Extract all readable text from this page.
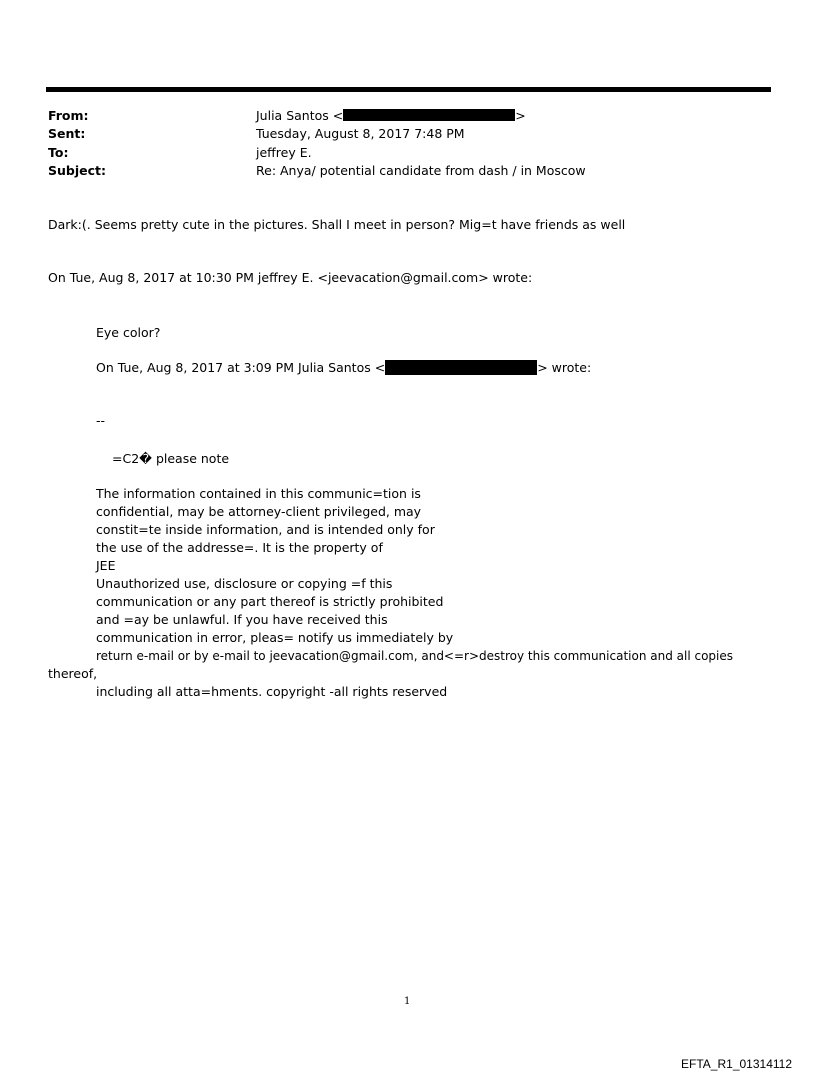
From:	Julia Santos <	>
Sent:	Tuesday, August 8, 2017 7:48 PM
To:	jeffrey E.
Subject:	Re: Anya/ potential candidate from dash / in Moscow
Dark:(. Seems pretty cute in the pictures. Shall I meet in person? Mig=t have friends as well
On Tue, Aug 8, 2017 at 10:30 PM jeffrey E. <jeevacation@gmail.com> wrote:
Eye color?
On Tue, Aug 8, 2017 at 3:09 PM Julia Santos <	> wrote:
--
=C2� please note
The information contained in this communic=tion is
confidential, may be attorney-client privileged, may
constit=te inside information, and is intended only for
the use of the addresse=. It is the property of
JEE
Unauthorized use, disclosure or copying =f this
communication or any part thereof is strictly prohibited
and =ay be unlawful. If you have received this
communication in error, pleas= notify us immediately by
return e-mail or by e-mail to jeevacation@gmail.com, and<=r>destroy this communication and all copies
thereof,
including all atta=hments. copyright -all rights reserved
1
EFTA_R1_01314112
